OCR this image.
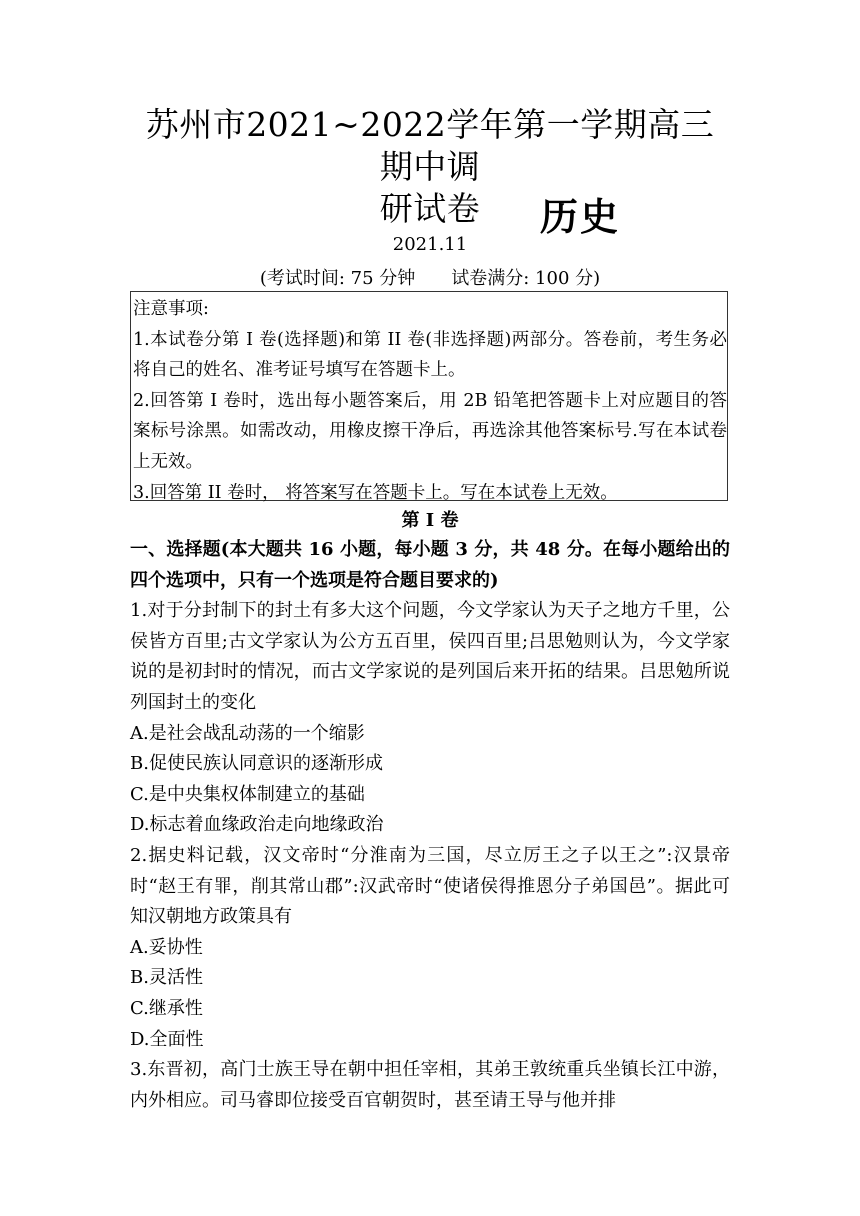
苏州市2021~2022学年第一学期高三期中调
研试卷	历史
2021.11
(考试时间: 75 分钟 试卷满分: 100 分)

注意事项:

1.本试卷分第 I 卷(选择题)和第 II 卷(非选择题)两部分。答卷前，考生务必将自己的姓名、准考证号填写在答题卡上。

2.回答第 I 卷时，选出每小题答案后，用 2B 铅笔把答题卡上对应题目的答案标号涂黑。如需改动，用橡皮擦干净后，再选涂其他答案标号.写在本试卷上无效。

3.回答第 II 卷时， 将答案写在答题卡上。写在本试卷上无效。

第 I 卷

一、选择题(本大题共 16 小题，每小题 3 分，共 48 分。在每小题给出的四个选项中，只有一个选项是符合题目要求的)

1.对于分封制下的封土有多大这个问题，今文学家认为天子之地方千里，公侯皆方百里;古文学家认为公方五百里，侯四百里;吕思勉则认为，今文学家说的是初封时的情况，而古文学家说的是列国后来开拓的结果。吕思勉所说列国封土的变化

A.是社会战乱动荡的一个缩影

B.促使民族认同意识的逐渐形成

C.是中央集权体制建立的基础

D.标志着血缘政治走向地缘政治

2.据史料记载，汉文帝时“分淮南为三国，尽立厉王之子以王之”:汉景帝时“赵王有罪，削其常山郡”:汉武帝时“使诸侯得推恩分子弟国邑”。据此可知汉朝地方政策具有

A.妥协性

B.灵活性

C.继承性

D.全面性

3.东晋初，高门士族王导在朝中担任宰相，其弟王敦统重兵坐镇长江中游，内外相应。司马睿即位接受百官朝贺时，甚至请王导与他并排
